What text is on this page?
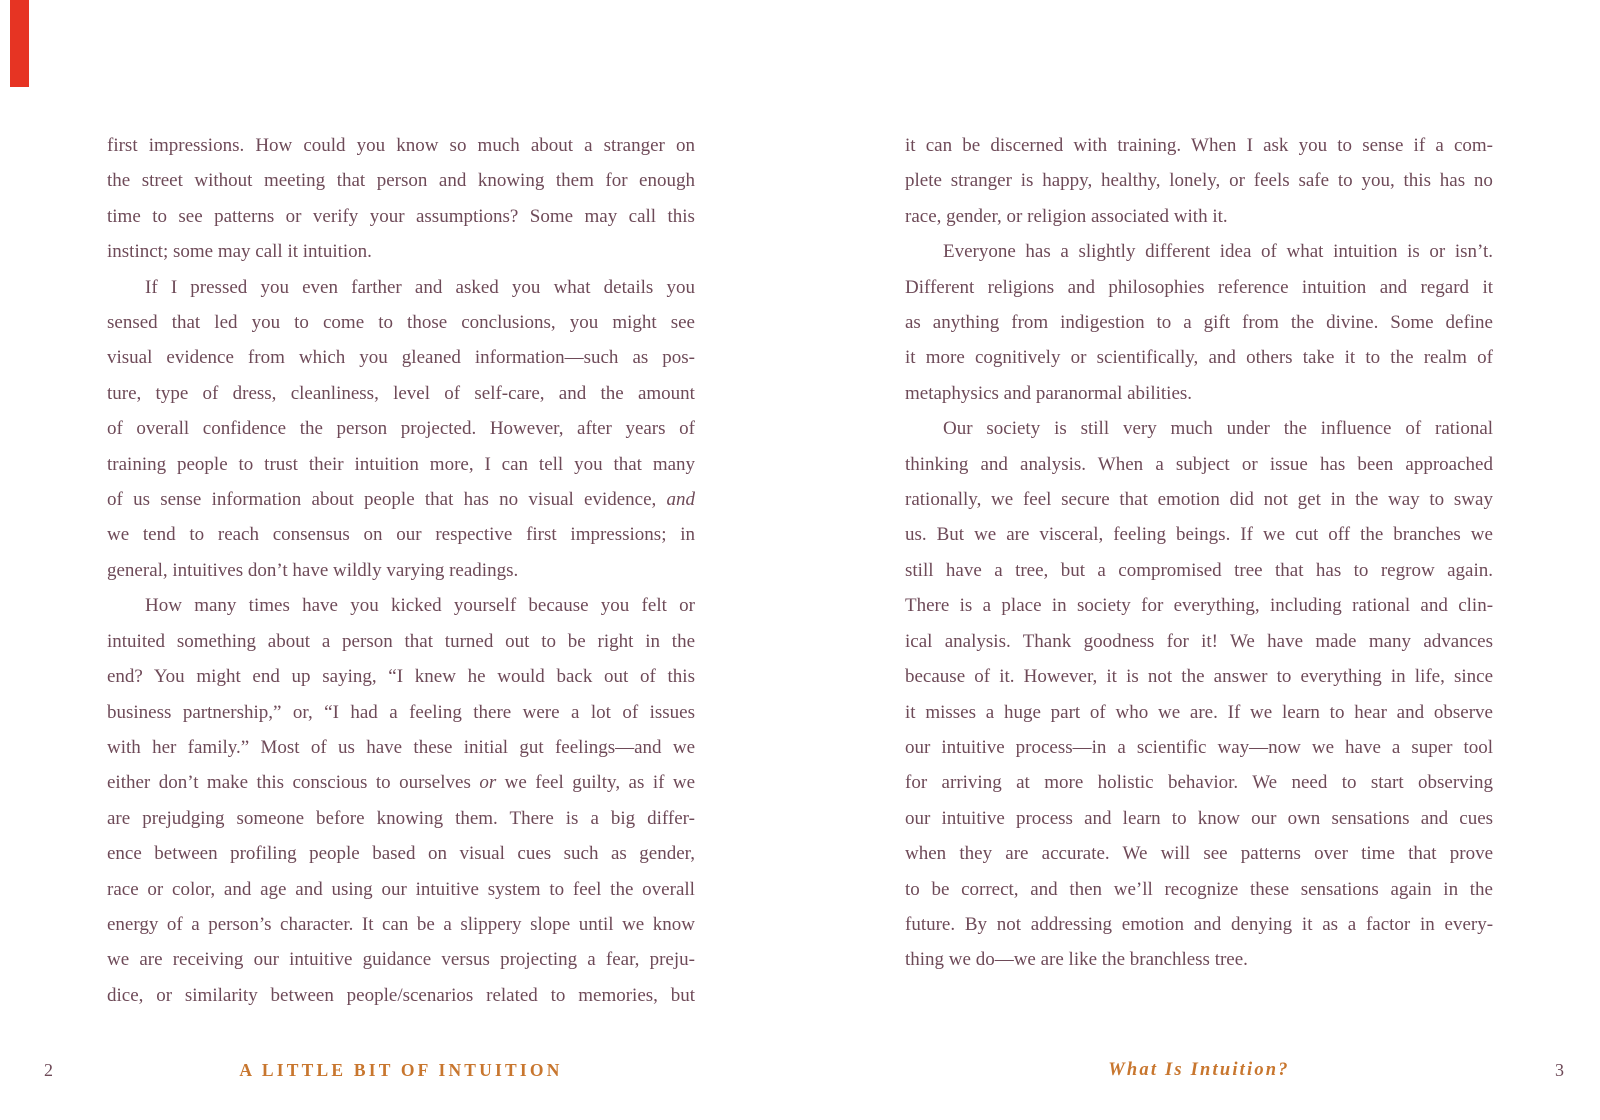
first impressions. How could you know so much about a stranger on
the street without meeting that person and knowing them for enough
time to see patterns or verify your assumptions? Some may call this
instinct; some may call it intuition.
If I pressed you even farther and asked you what details you
sensed that led you to come to those conclusions, you might see
visual evidence from which you gleaned information—such as pos-
ture, type of dress, cleanliness, level of self-care, and the amount
of overall confidence the person projected. However, after years of
training people to trust their intuition more, I can tell you that many
of us sense information about people that has no visual evidence, and
we tend to reach consensus on our respective first impressions; in
general, intuitives don’t have wildly varying readings.
How many times have you kicked yourself because you felt or
intuited something about a person that turned out to be right in the
end? You might end up saying, “I knew he would back out of this
business partnership,” or, “I had a feeling there were a lot of issues
with her family.” Most of us have these initial gut feelings—and we
either don’t make this conscious to ourselves or we feel guilty, as if we
are prejudging someone before knowing them. There is a big differ-
ence between profiling people based on visual cues such as gender,
race or color, and age and using our intuitive system to feel the overall
energy of a person’s character. It can be a slippery slope until we know
we are receiving our intuitive guidance versus projecting a fear, preju-
dice, or similarity between people/scenarios related to memories, but
it can be discerned with training. When I ask you to sense if a com-
plete stranger is happy, healthy, lonely, or feels safe to you, this has no
race, gender, or religion associated with it.
Everyone has a slightly different idea of what intuition is or isn’t.
Different religions and philosophies reference intuition and regard it
as anything from indigestion to a gift from the divine. Some define
it more cognitively or scientifically, and others take it to the realm of
metaphysics and paranormal abilities.
Our society is still very much under the influence of rational
thinking and analysis. When a subject or issue has been approached
rationally, we feel secure that emotion did not get in the way to sway
us. But we are visceral, feeling beings. If we cut off the branches we
still have a tree, but a compromised tree that has to regrow again.
There is a place in society for everything, including rational and clin-
ical analysis. Thank goodness for it! We have made many advances
because of it. However, it is not the answer to everything in life, since
it misses a huge part of who we are. If we learn to hear and observe
our intuitive process—in a scientific way—now we have a super tool
for arriving at more holistic behavior. We need to start observing
our intuitive process and learn to know our own sensations and cues
when they are accurate. We will see patterns over time that prove
to be correct, and then we’ll recognize these sensations again in the
future. By not addressing emotion and denying it as a factor in every-
thing we do—we are like the branchless tree.
2	A LITTLE BIT OF INTUITION	What Is Intuition?	3
